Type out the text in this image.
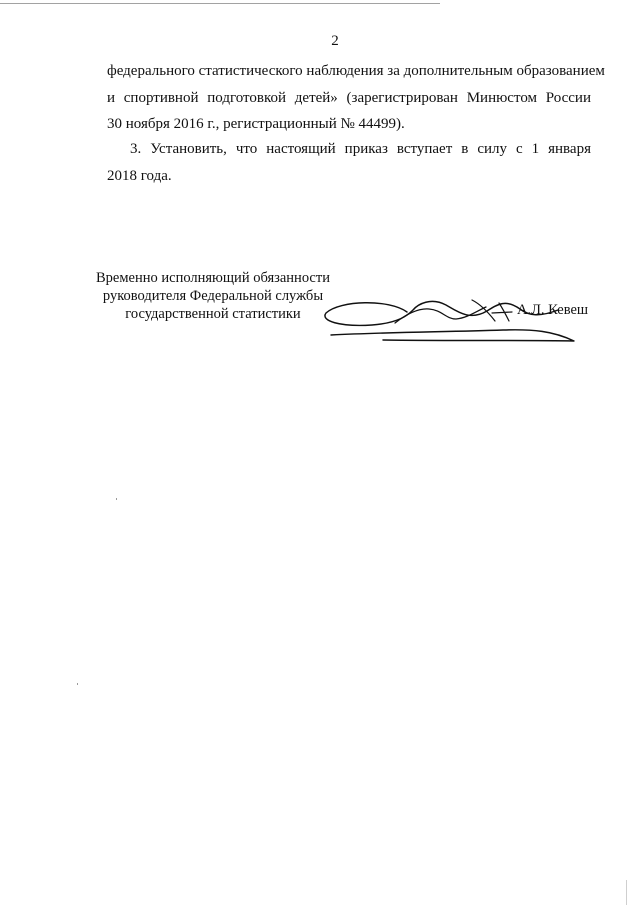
2
федерального статистического наблюдения за дополнительным образованием
и спортивной подготовкой детей» (зарегистрирован Минюстом России
30 ноября 2016 г., регистрационный № 44499).
3. Установить, что настоящий приказ вступает в силу с 1 января
2018 года.
Временно исполняющий обязанности
руководителя Федеральной службы
государственной статистики	А.Л. Кевеш
